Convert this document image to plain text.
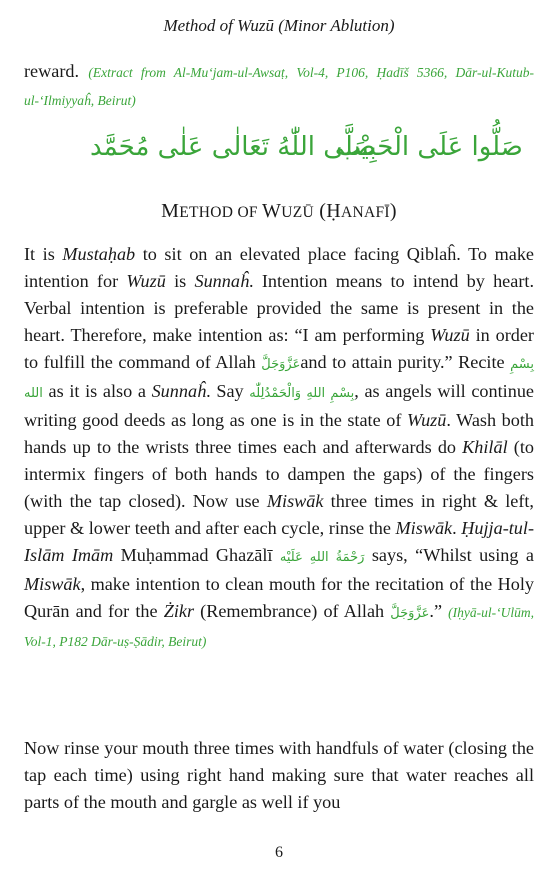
Method of Wuzū (Minor Ablution)

reward. (Extract from Al-Mu‘jam-ul-Awsaṭ, Vol-4, P106, Ḥadīš 5366, Dār-ul-Kutub-ul-‘Ilmiyyaĥ, Beirut)

صَلَّى اللّٰهُ تَعَالٰى عَلٰى مُحَمَّد
صَلُّوا عَلَى الْحَبِيْب
METHOD OF WUZŪ (ḤANAFĪ)

It is Mustaḥab to sit on an elevated place facing Qiblaĥ. To make intention for Wuzū is Sunnaĥ. Intention means to intend by heart. Verbal intention is preferable provided the same is present in the heart. Therefore, make intention as: “I am performing Wuzū in order to fulfill the command of Allah عَزَّوَجَلَّand to attain purity.” Recite بِسْمِ الله as it is also a Sunnaĥ. Say بِسْمِ اللهِ وَالْحَمْدُلِلّٰه, as angels will continue writing good deeds as long as one is in the state of Wuzū. Wash both hands up to the wrists three times each and afterwards do Khilāl (to intermix fingers of both hands to dampen the gaps) of the fingers (with the tap closed). Now use Miswāk three times in right & left, upper & lower teeth and after each cycle, rinse the Miswāk. Ḥujja-tul-Islām Imām Muḥammad Ghazālī رَحْمَةُ اللهِ عَلَيْه says, “Whilst using a Miswāk, make intention to clean mouth for the recitation of the Holy Qurān and for the Żikr (Remembrance) of Allah عَزَّوَجَلَّ.” (Iḥyā-ul-‘Ulūm, Vol-1, P182 Dār-uṣ-Ṣādir, Beirut)

Now rinse your mouth three times with handfuls of water (closing the tap each time) using right hand making sure that water reaches all parts of the mouth and gargle as well if you

6
